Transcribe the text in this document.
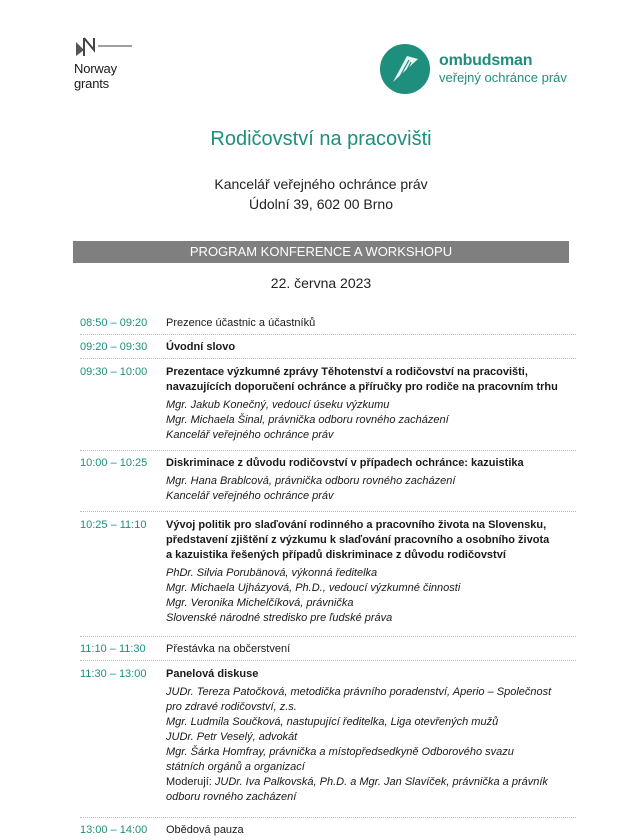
Norway
grants
ombudsman
veřejný ochránce práv
Rodičovství na pracovišti
Kancelář veřejného ochránce práv
Údolní 39, 602 00 Brno
PROGRAM KONFERENCE A WORKSHOPU
22. června 2023
08:50 – 09:20	Prezence účastnic a účastníků
09:20 – 09:30	Úvodní slovo
09:30 – 10:00	Prezentace výzkumné zprávy Těhotenství a rodičovství na pracovišti,
navazujících doporučení ochránce a příručky pro rodiče na pracovním trhu
Mgr. Jakub Konečný, vedoucí úseku výzkumu
Mgr. Michaela Šinal, právnička odboru rovného zacházení
Kancelář veřejného ochránce práv
10:00 – 10:25	Diskriminace z důvodu rodičovství v případech ochránce: kazuistika
Mgr. Hana Brablcová, právnička odboru rovného zacházení
Kancelář veřejného ochránce práv
10:25 – 11:10	Vývoj politik pro slaďování rodinného a pracovního života na Slovensku,
představení zjištění z výzkumu k slaďování pracovního a osobního života
a kazuistika řešených případů diskriminace z důvodu rodičovství
PhDr. Silvia Porubänová, výkonná ředitelka
Mgr. Michaela Ujházyová, Ph.D., vedoucí výzkumné činnosti
Mgr. Veronika Michelčíková, právnička
Slovenské národné stredisko pre ľudské práva
11:10 – 11:30	Přestávka na občerstvení
11:30 – 13:00	Panelová diskuse
JUDr. Tereza Patočková, metodička právního poradenství, Aperio – Společnost
pro zdravé rodičovství, z.s.
Mgr. Ludmila Součková, nastupující ředitelka, Liga otevřených mužů
JUDr. Petr Veselý, advokát
Mgr. Šárka Homfray, právnička a místopředsedkyně Odborového svazu
státních orgánů a organizací
Moderují: JUDr. Iva Palkovská, Ph.D. a Mgr. Jan Slavíček, právnička a právník
odboru rovného zacházení
13:00 – 14:00	Obědová pauza
